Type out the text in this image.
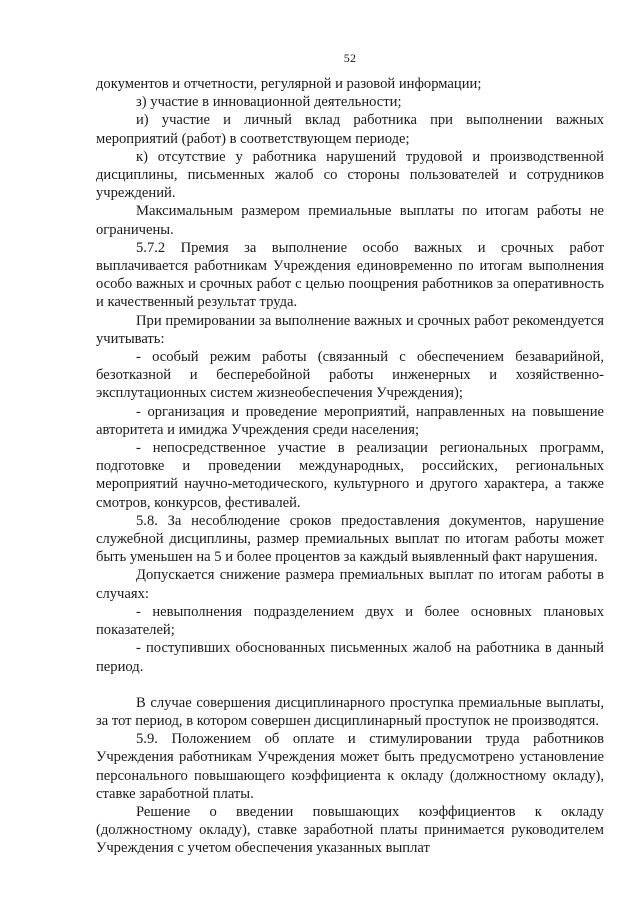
52

документов и отчетности, регулярной и разовой информации;

з) участие в инновационной деятельности;

и) участие и личный вклад работника при выполнении важных мероприятий (работ) в соответствующем периоде;

к) отсутствие у работника нарушений трудовой и производственной дисциплины, письменных жалоб со стороны пользователей и сотрудников учреждений.

Максимальным размером премиальные выплаты по итогам работы не ограничены.

5.7.2 Премия за выполнение особо важных и срочных работ выплачивается работникам Учреждения единовременно по итогам выполнения особо важных и срочных работ с целью поощрения работников за оперативность и качественный результат труда.

При премировании за выполнение важных и срочных работ рекомендуется учитывать:

- особый режим работы (связанный с обеспечением безаварийной, безотказной и бесперебойной работы инженерных и хозяйственно-эксплутационных систем жизнеобеспечения Учреждения);

- организация и проведение мероприятий, направленных на повышение авторитета и имиджа Учреждения среди населения;

- непосредственное участие в реализации региональных программ, подготовке и проведении международных, российских, региональных мероприятий научно-методического, культурного и другого характера, а также смотров, конкурсов, фестивалей.

5.8. За несоблюдение сроков предоставления документов, нарушение служебной дисциплины, размер премиальных выплат по итогам работы может быть уменьшен на 5 и более процентов за каждый выявленный факт нарушения.

Допускается снижение размера премиальных выплат по итогам работы в случаях:

- невыполнения подразделением двух и более основных плановых показателей;

- поступивших обоснованных письменных жалоб на работника в данный период.

В случае совершения дисциплинарного проступка премиальные выплаты, за тот период, в котором совершен дисциплинарный проступок не производятся.

5.9. Положением об оплате и стимулировании труда работников Учреждения работникам Учреждения может быть предусмотрено установление персонального повышающего коэффициента к окладу (должностному окладу), ставке заработной платы.

Решение о введении повышающих коэффициентов к окладу (должностному окладу), ставке заработной платы принимается руководителем Учреждения с учетом обеспечения указанных выплат
